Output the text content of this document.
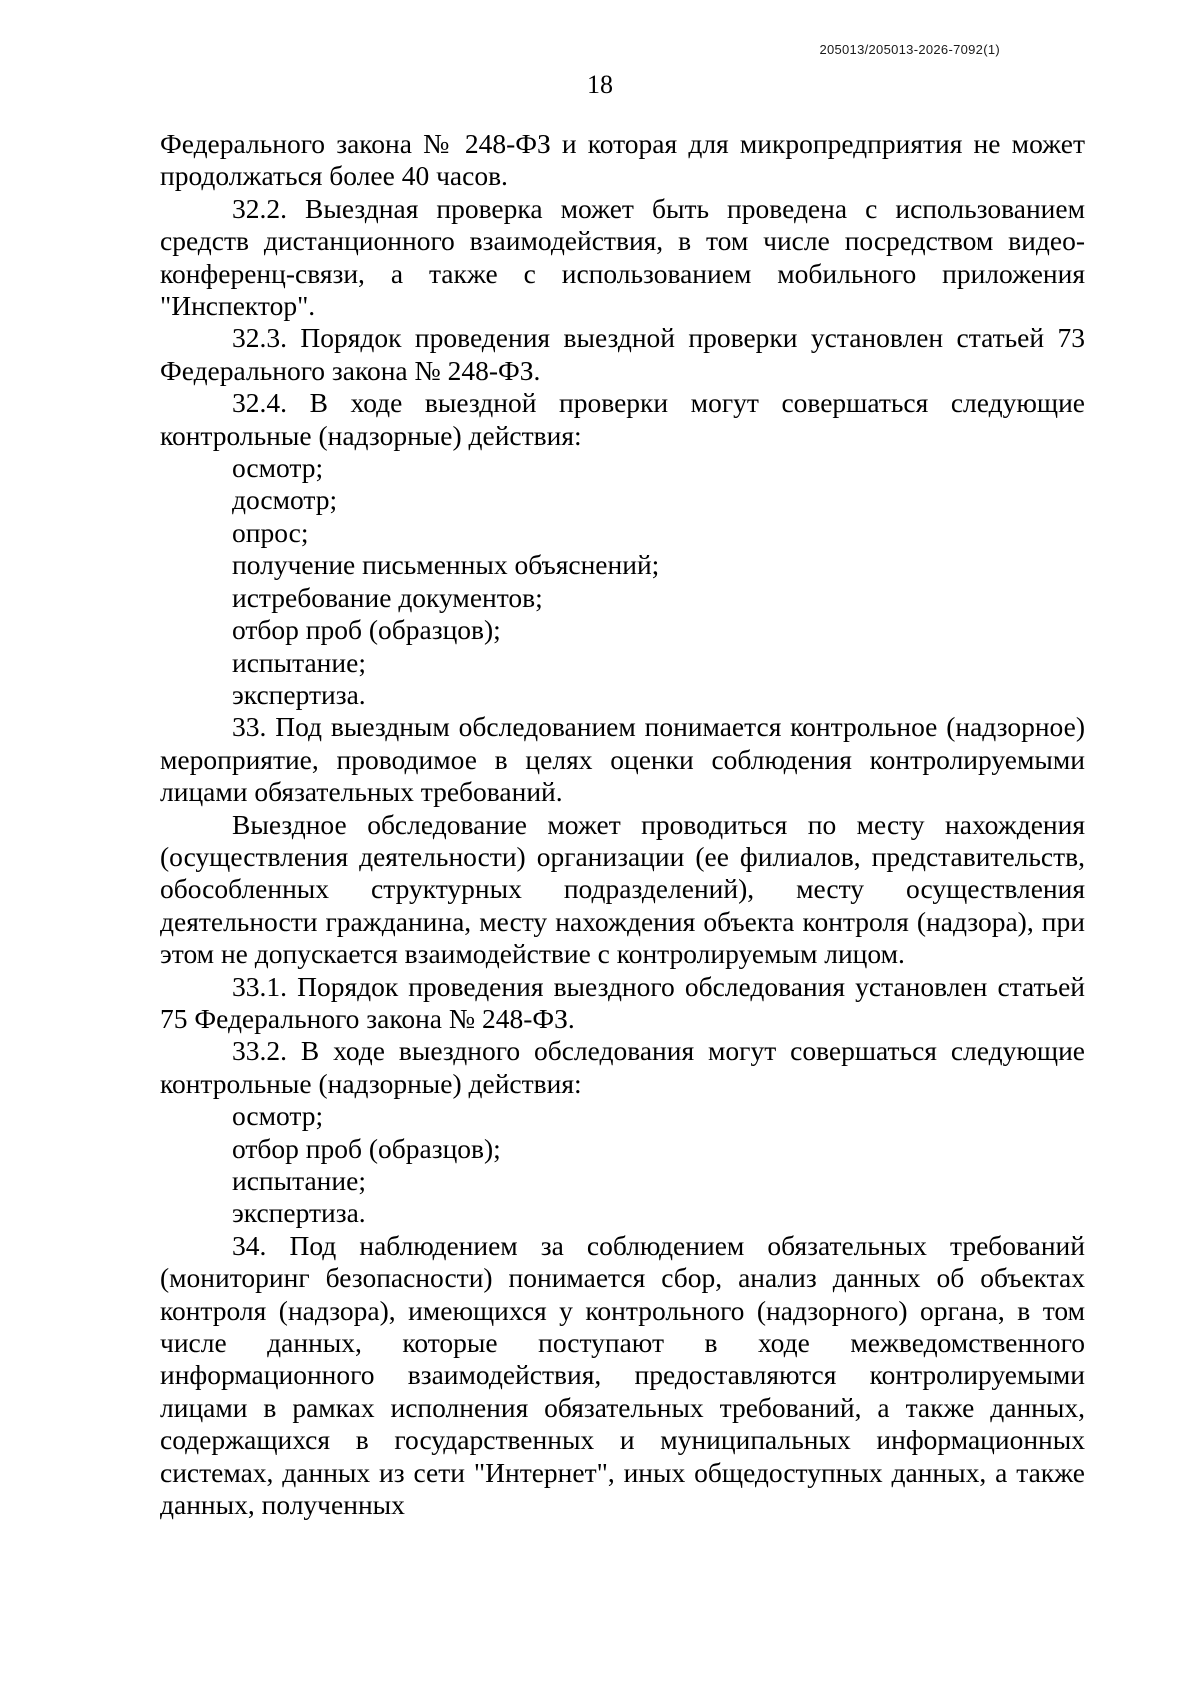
205013/205013-2026-7092(1)
18

Федерального закона № 248-ФЗ и которая для микропредприятия не может продолжаться более 40 часов.

32.2. Выездная проверка может быть проведена с использованием средств дистанционного взаимодействия, в том числе посредством видео-конференц-связи, а также с использованием мобильного приложения "Инспектор".

32.3. Порядок проведения выездной проверки установлен статьей 73 Федерального закона № 248-ФЗ.

32.4. В ходе выездной проверки могут совершаться следующие контрольные (надзорные) действия:

осмотр;
досмотр;
опрос;
получение письменных объяснений;
истребование документов;
отбор проб (образцов);
испытание;
экспертиза.

33. Под выездным обследованием понимается контрольное (надзорное) мероприятие, проводимое в целях оценки соблюдения контролируемыми лицами обязательных требований.

Выездное обследование может проводиться по месту нахождения (осуществления деятельности) организации (ее филиалов, представительств, обособленных структурных подразделений), месту осуществления деятельности гражданина, месту нахождения объекта контроля (надзора), при этом не допускается взаимодействие с контролируемым лицом.

33.1. Порядок проведения выездного обследования установлен статьей 75 Федерального закона № 248-ФЗ.

33.2. В ходе выездного обследования могут совершаться следующие контрольные (надзорные) действия:

осмотр;
отбор проб (образцов);
испытание;
экспертиза.

34. Под наблюдением за соблюдением обязательных требований (мониторинг безопасности) понимается сбор, анализ данных об объектах контроля (надзора), имеющихся у контрольного (надзорного) органа, в том числе данных, которые поступают в ходе межведомственного информационного взаимодействия, предоставляются контролируемыми лицами в рамках исполнения обязательных требований, а также данных, содержащихся в государственных и муниципальных информационных системах, данных из сети "Интернет", иных общедоступных данных, а также данных, полученных
